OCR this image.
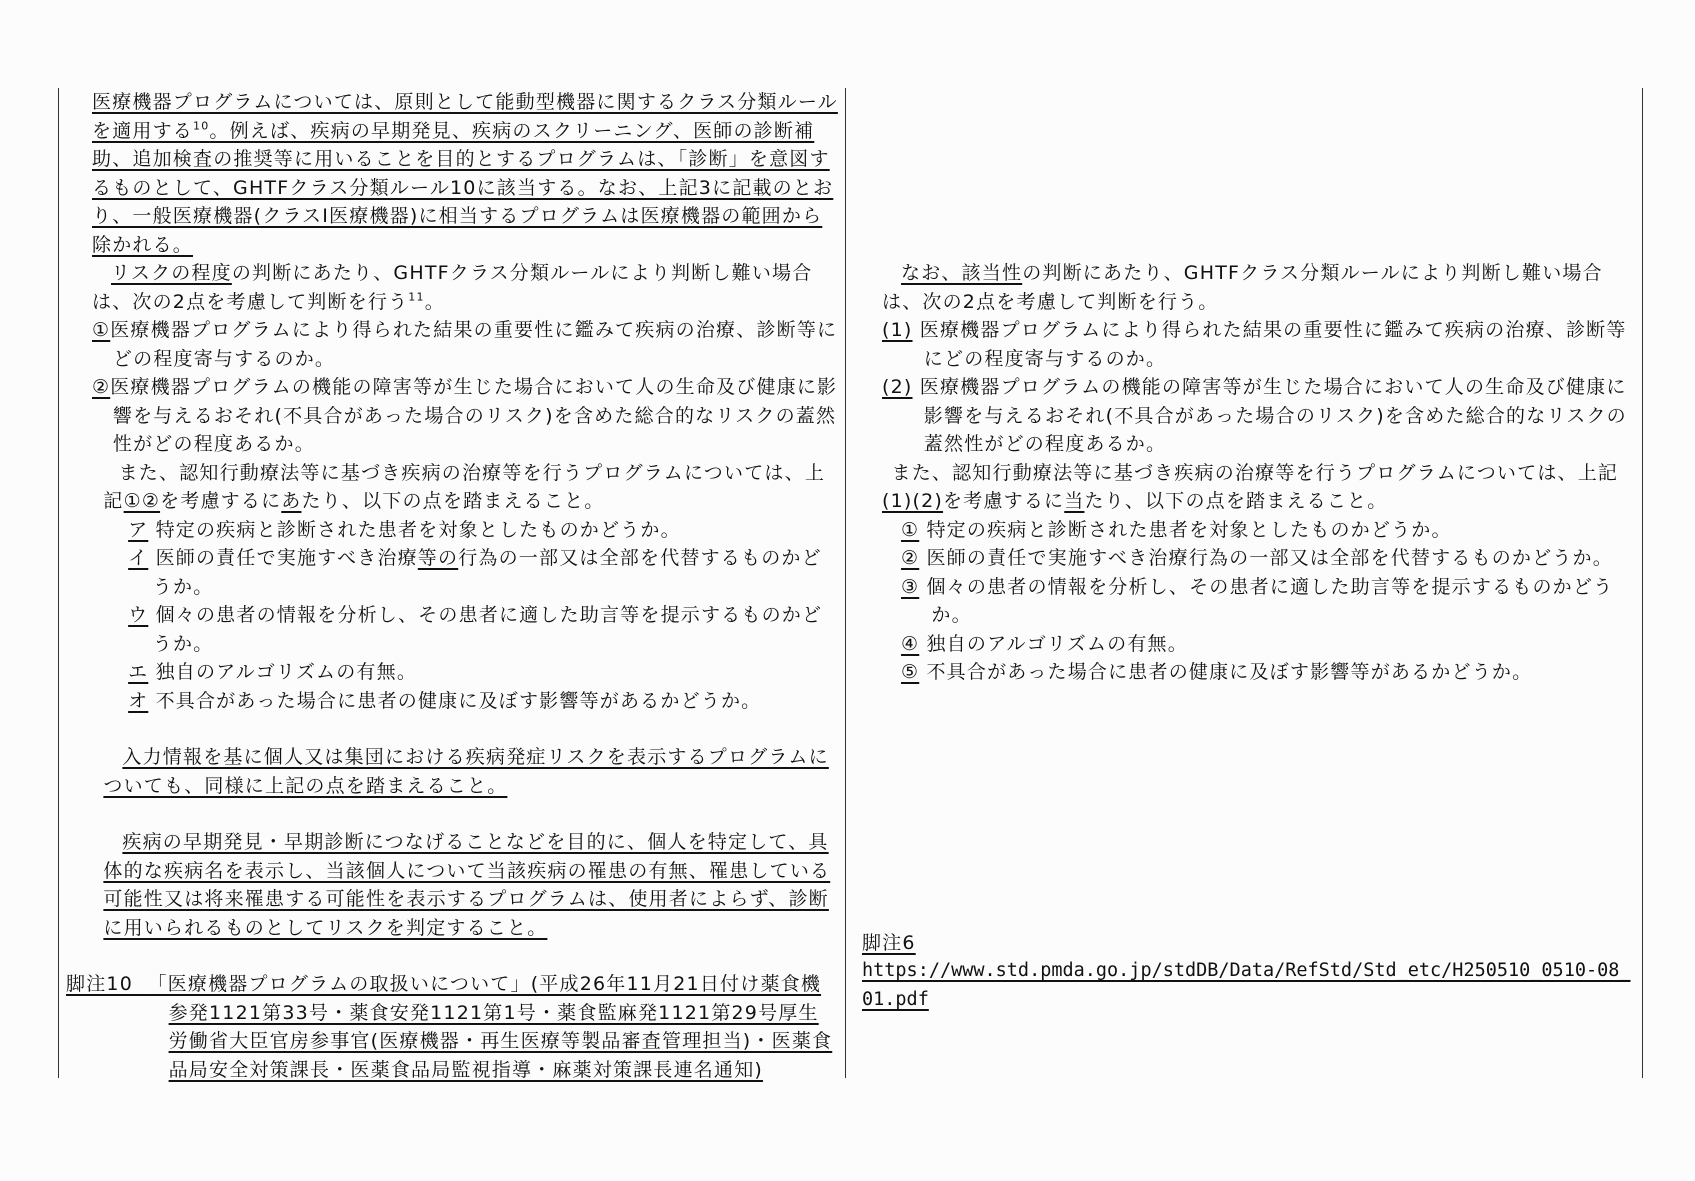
医療機器プログラムについては、原則として能動型機器に関するクラス分類ルールを適用する$^{10}$。例えば、疾病の早期発見、疾病のスクリーニング、医師の診断補助、追加検査の推奨等に用いることを目的とするプログラムは、「診断」を意図するものとして、GHTFクラス分類ルール10に該当する。なお、上記3に記載のとおり、一般医療機器(クラスⅠ医療機器)に相当するプログラムは医療機器の範囲から除かれる。

リスクの程度の判断にあたり、GHTFクラス分類ルールにより判断し難い場合は、次の2点を考慮して判断を行う$^{11}$。

①医療機器プログラムにより得られた結果の重要性に鑑みて疾病の治療、診断等にどの程度寄与するのか。

②医療機器プログラムの機能の障害等が生じた場合において人の生命及び健康に影響を与えるおそれ(不具合があった場合のリスク)を含めた総合的なリスクの蓋然性がどの程度あるか。

また、認知行動療法等に基づき疾病の治療等を行うプログラムについては、上記①②を考慮するにあたり、以下の点を踏まえること。

ア 特定の疾病と診断された患者を対象としたものかどうか。

イ 医師の責任で実施すべき治療等の行為の一部又は全部を代替するものかどうか。

ウ 個々の患者の情報を分析し、その患者に適した助言等を提示するものかどうか。

エ 独自のアルゴリズムの有無。

オ 不具合があった場合に患者の健康に及ぼす影響等があるかどうか。

入力情報を基に個人又は集団における疾病発症リスクを表示するプログラムについても、同様に上記の点を踏まえること。

疾病の早期発見・早期診断につなげることなどを目的に、個人を特定して、具体的な疾病名を表示し、当該個人について当該疾病の罹患の有無、罹患している可能性又は将来罹患する可能性を表示するプログラムは、使用者によらず、診断に用いられるものとしてリスクを判定すること。

脚注10 「医療機器プログラムの取扱いについて」(平成26年11月21日付け薬食機参発1121第33号・薬食安発1121第1号・薬食監麻発1121第29号厚生労働省大臣官房参事官(医療機器・再生医療等製品審査管理担当)・医薬食品局安全対策課長・医薬食品局監視指導・麻薬対策課長連名通知)

なお、該当性の判断にあたり、GHTFクラス分類ルールにより判断し難い場合は、次の2点を考慮して判断を行う。

(1) 医療機器プログラムにより得られた結果の重要性に鑑みて疾病の治療、診断等にどの程度寄与するのか。

(2) 医療機器プログラムの機能の障害等が生じた場合において人の生命及び健康に影響を与えるおそれ(不具合があった場合のリスク)を含めた総合的なリスクの蓋然性がどの程度あるか。

また、認知行動療法等に基づき疾病の治療等を行うプログラムについては、上記(1)(2)を考慮するに当たり、以下の点を踏まえること。

① 特定の疾病と診断された患者を対象としたものかどうか。

② 医師の責任で実施すべき治療行為の一部又は全部を代替するものかどうか。

③ 個々の患者の情報を分析し、その患者に適した助言等を提示するものかどうか。

④ 独自のアルゴリズムの有無。

⑤ 不具合があった場合に患者の健康に及ぼす影響等があるかどうか。

脚注6

https://www.std.pmda.go.jp/stdDB/Data/RefStd/Std_etc/H250510_0510-08_01.pdf
